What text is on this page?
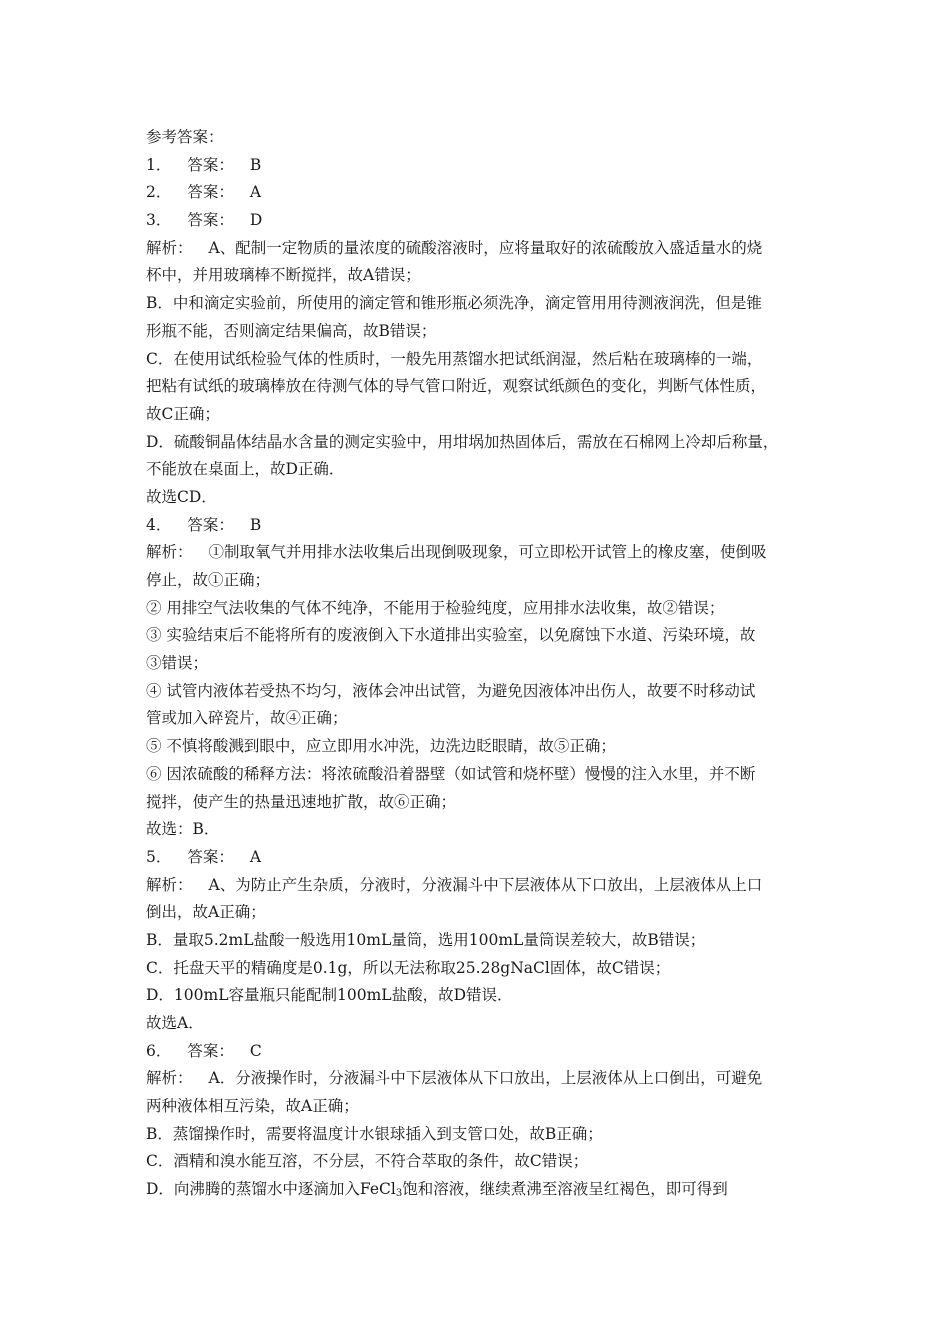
参考答案：
1． 答案： B
2． 答案： A
3． 答案： D
解析： A、配制一定物质的量浓度的硫酸溶液时，应将量取好的浓硫酸放入盛适量水的烧
杯中，并用玻璃棒不断搅拌，故A错误；
B．中和滴定实验前，所使用的滴定管和锥形瓶必须洗净，滴定管用用待测液润洗，但是锥
形瓶不能，否则滴定结果偏高，故B错误；
C．在使用试纸检验气体的性质时，一般先用蒸馏水把试纸润湿，然后粘在玻璃棒的一端，
把粘有试纸的玻璃棒放在待测气体的导气管口附近，观察试纸颜色的变化，判断气体性质，
故C正确；
D．硫酸铜晶体结晶水含量的测定实验中，用坩埚加热固体后，需放在石棉网上冷却后称量，
不能放在桌面上，故D正确．
故选CD．
4． 答案： B
解析： ①制取氧气并用排水法收集后出现倒吸现象，可立即松开试管上的橡皮塞，使倒吸
停止，故①正确；
② 用排空气法收集的气体不纯净，不能用于检验纯度，应用排水法收集，故②错误；
③ 实验结束后不能将所有的废液倒入下水道排出实验室，以免腐蚀下水道、污染环境，故
③错误；
④ 试管内液体若受热不均匀，液体会冲出试管，为避免因液体冲出伤人，故要不时移动试
管或加入碎瓷片，故④正确；
⑤ 不慎将酸溅到眼中，应立即用水冲洗，边洗边眨眼睛，故⑤正确；
⑥ 因浓硫酸的稀释方法：将浓硫酸沿着器壁（如试管和烧杯壁）慢慢的注入水里，并不断
搅拌，使产生的热量迅速地扩散，故⑥正确；
故选：B．
5． 答案： A
解析： A、为防止产生杂质，分液时，分液漏斗中下层液体从下口放出，上层液体从上口
倒出，故A正确；
B．量取5.2mL盐酸一般选用10mL量筒，选用100mL量筒误差较大，故B错误；
C．托盘天平的精确度是0.1g，所以无法称取25.28gNaCl固体，故C错误；
D．100mL容量瓶只能配制100mL盐酸，故D错误．
故选A．
6． 答案： C
解析： A．分液操作时，分液漏斗中下层液体从下口放出，上层液体从上口倒出，可避免
两种液体相互污染，故A正确；
B．蒸馏操作时，需要将温度计水银球插入到支管口处，故B正确；
C．酒精和溴水能互溶，不分层，不符合萃取的条件，故C错误；
D．向沸腾的蒸馏水中逐滴加入FeCl$_3$饱和溶液，继续煮沸至溶液呈红褐色，即可得到
